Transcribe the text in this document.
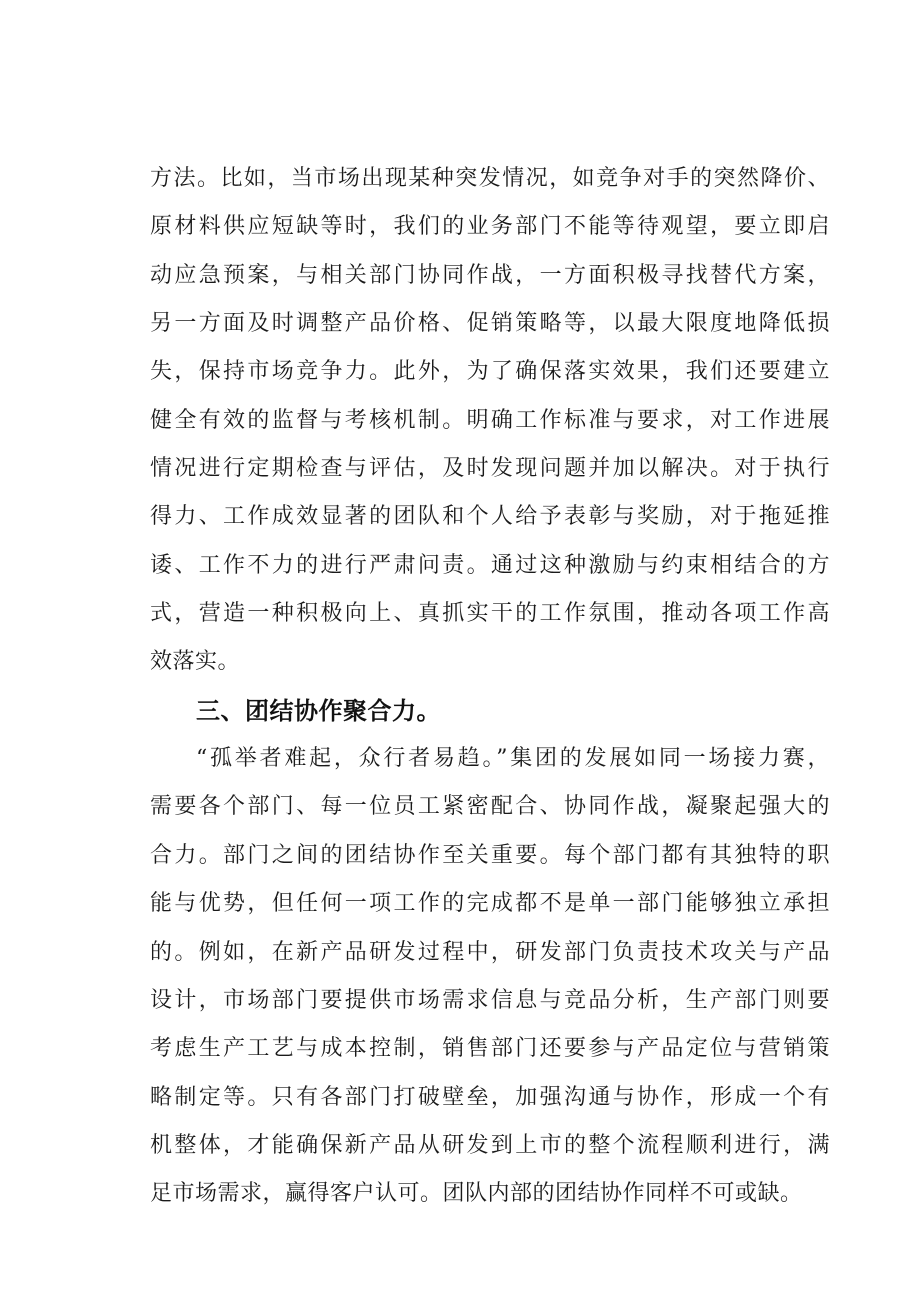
方法。比如，当市场出现某种突发情况，如竞争对手的突然降价、
原材料供应短缺等时，我们的业务部门不能等待观望，要立即启
动应急预案，与相关部门协同作战，一方面积极寻找替代方案，
另一方面及时调整产品价格、促销策略等，以最大限度地降低损
失，保持市场竞争力。此外，为了确保落实效果，我们还要建立
健全有效的监督与考核机制。明确工作标准与要求，对工作进展
情况进行定期检查与评估，及时发现问题并加以解决。对于执行
得力、工作成效显著的团队和个人给予表彰与奖励，对于拖延推
诿、工作不力的进行严肃问责。通过这种激励与约束相结合的方
式，营造一种积极向上、真抓实干的工作氛围，推动各项工作高
效落实。
三、团结协作聚合力。
“孤举者难起，众行者易趋。”集团的发展如同一场接力赛，
需要各个部门、每一位员工紧密配合、协同作战，凝聚起强大的
合力。部门之间的团结协作至关重要。每个部门都有其独特的职
能与优势，但任何一项工作的完成都不是单一部门能够独立承担
的。例如，在新产品研发过程中，研发部门负责技术攻关与产品
设计，市场部门要提供市场需求信息与竞品分析，生产部门则要
考虑生产工艺与成本控制，销售部门还要参与产品定位与营销策
略制定等。只有各部门打破壁垒，加强沟通与协作，形成一个有
机整体，才能确保新产品从研发到上市的整个流程顺利进行，满
足市场需求，赢得客户认可。团队内部的团结协作同样不可或缺。
